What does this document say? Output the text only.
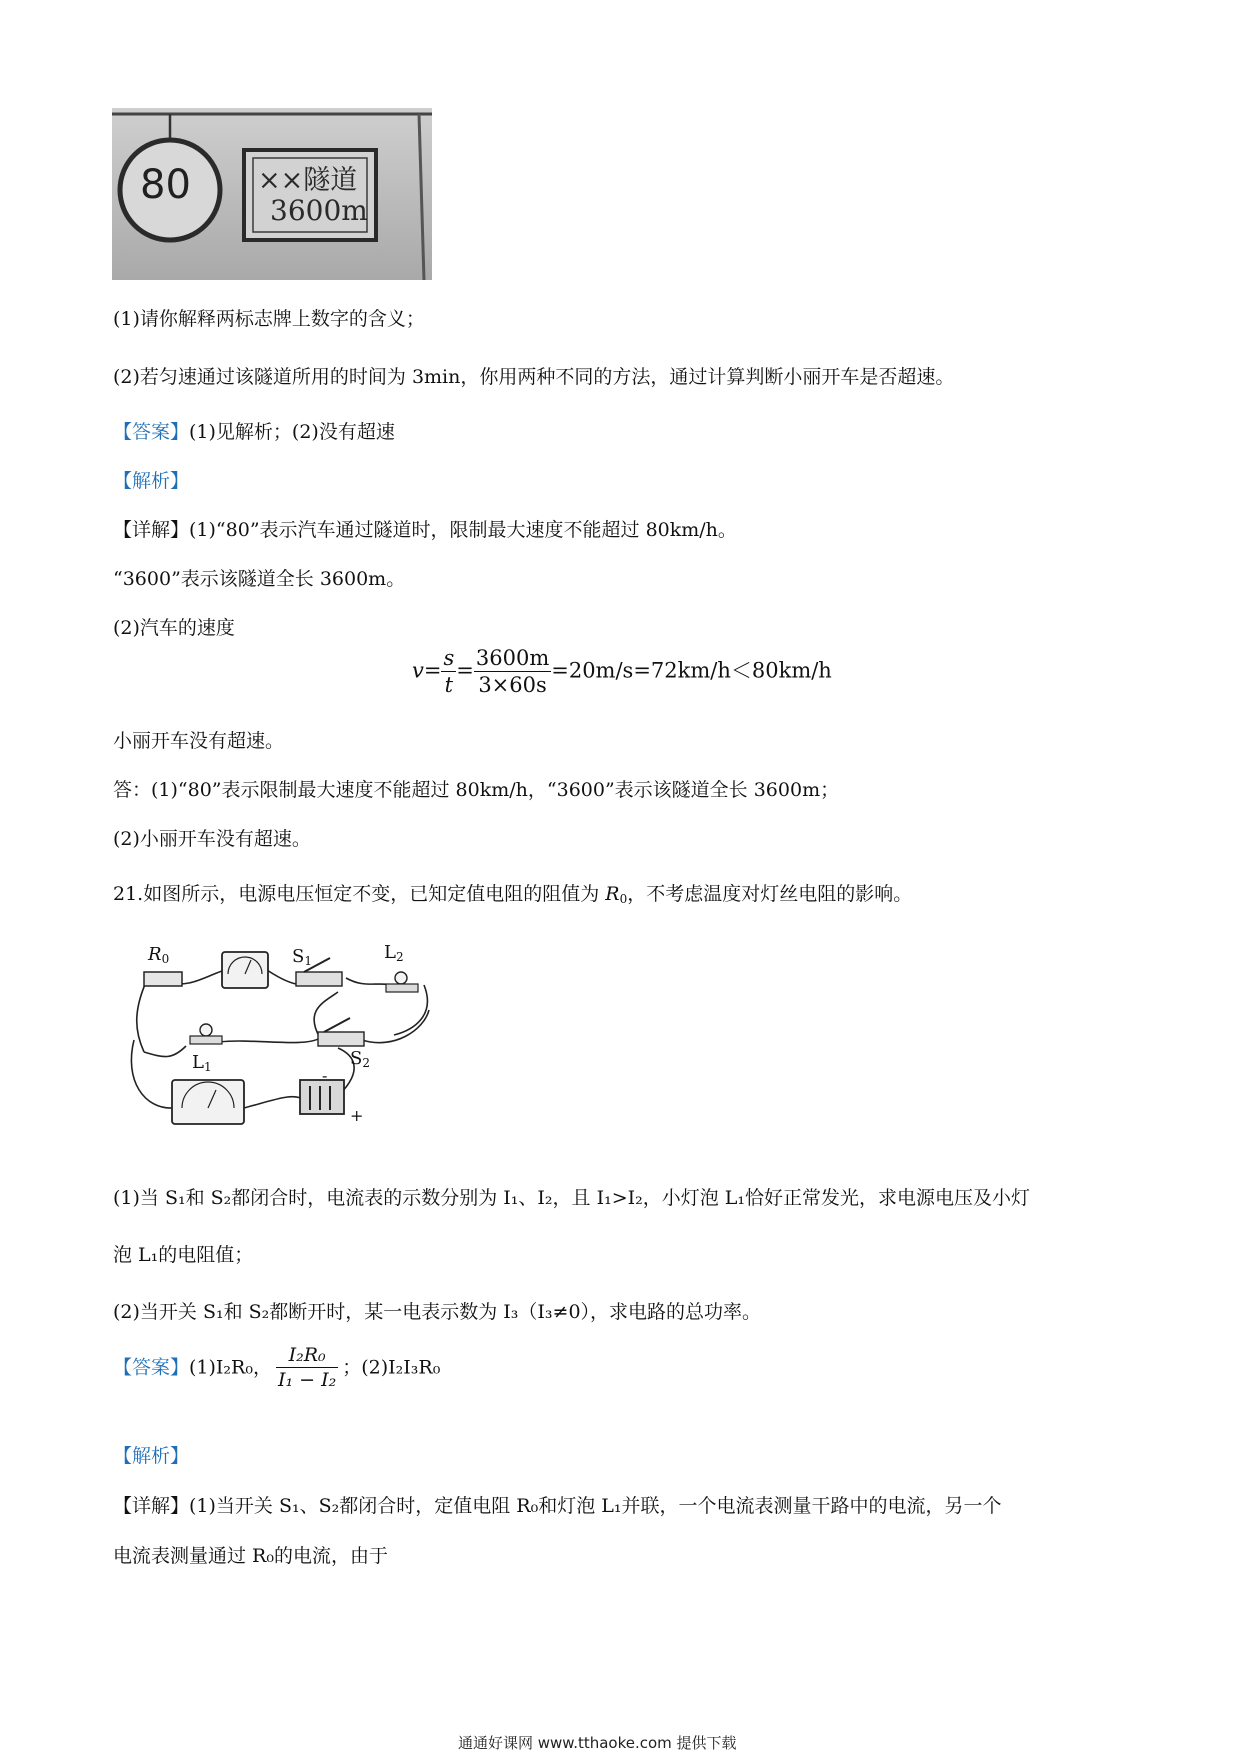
80 ××隧道
3600m
(1)请你解释两标志牌上数字的含义；
(2)若匀速通过该隧道所用的时间为 3min，你用两种不同的方法，通过计算判断小丽开车是否超速。
【答案】(1)见解析；(2)没有超速
【解析】
【详解】(1)“80”表示汽车通过隧道时，限制最大速度不能超过 80km/h。
“3600”表示该隧道全长 3600m。
(2)汽车的速度
$v= \frac{s}{t} = \frac{3600m}{3\times 60s} =20m/s=72km/h<80km/h$
小丽开车没有超速。
答：(1)“80”表示限制最大速度不能超过 80km/h，“3600”表示该隧道全长 3600m；
(2)小丽开车没有超速。
21.如图所示，电源电压恒定不变，已知定值电阻的阻值为 $R_0$，不考虑温度对灯丝电阻的影响。
$R_0$	$S_1$	$L_2$
$L_1$	$S_2$
-
+
(1)当 S₁和 S₂都闭合时，电流表的示数分别为 I₁、I₂，且 I₁>I₂，小灯泡 L₁恰好正常发光，求电源电压及小灯
泡 L₁的电阻值；
(2)当开关 S₁和 S₂都断开时，某一电表示数为 I₃（I₃≠0），求电路的总功率。
【答案】(1)I₂R₀， $\frac{\text{I₂R₀}}{\text{I₁ − I₂}}$ ；(2)I₂I₃R₀
【解析】
【详解】(1)当开关 S₁、S₂都闭合时，定值电阻 R₀和灯泡 L₁并联，一个电流表测量干路中的电流，另一个
电流表测量通过 R₀的电流，由于
通通好课网 www.tthaoke.com 提供下载
